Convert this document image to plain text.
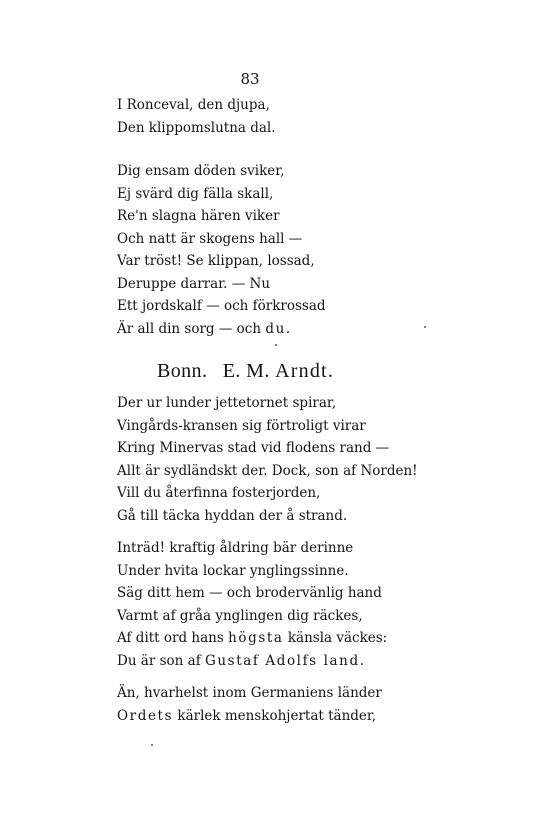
83
I Ronceval, den djupa,
Den klippomslutna dal.
Dig ensam döden sviker,
Ej svärd dig fälla skall,
Re'n slagna hären viker
Och natt är skogens hall —
Var tröst! Se klippan, lossad,
Deruppe darrar. — Nu
Ett jordskalf — och förkrossad
Är all din sorg — och du.
Bonn. E. M. Arndt.
Der ur lunder jettetornet spirar,
Vingårds-kransen sig förtroligt virar
Kring Minervas stad vid flodens rand —
Allt är sydländskt der. Dock, son af Norden!
Vill du återfinna fosterjorden,
Gå till täcka hyddan der å strand.
Inträd! kraftig åldring bär derinne
Under hvita lockar ynglingssinne.
Säg ditt hem — och brodervänlig hand
Varmt af gråa ynglingen dig räckes,
Af ditt ord hans högsta känsla väckes:
Du är son af Gustaf Adolfs land.
Än, hvarhelst inom Germaniens länder
Ordets kärlek menskohjertat tänder,
